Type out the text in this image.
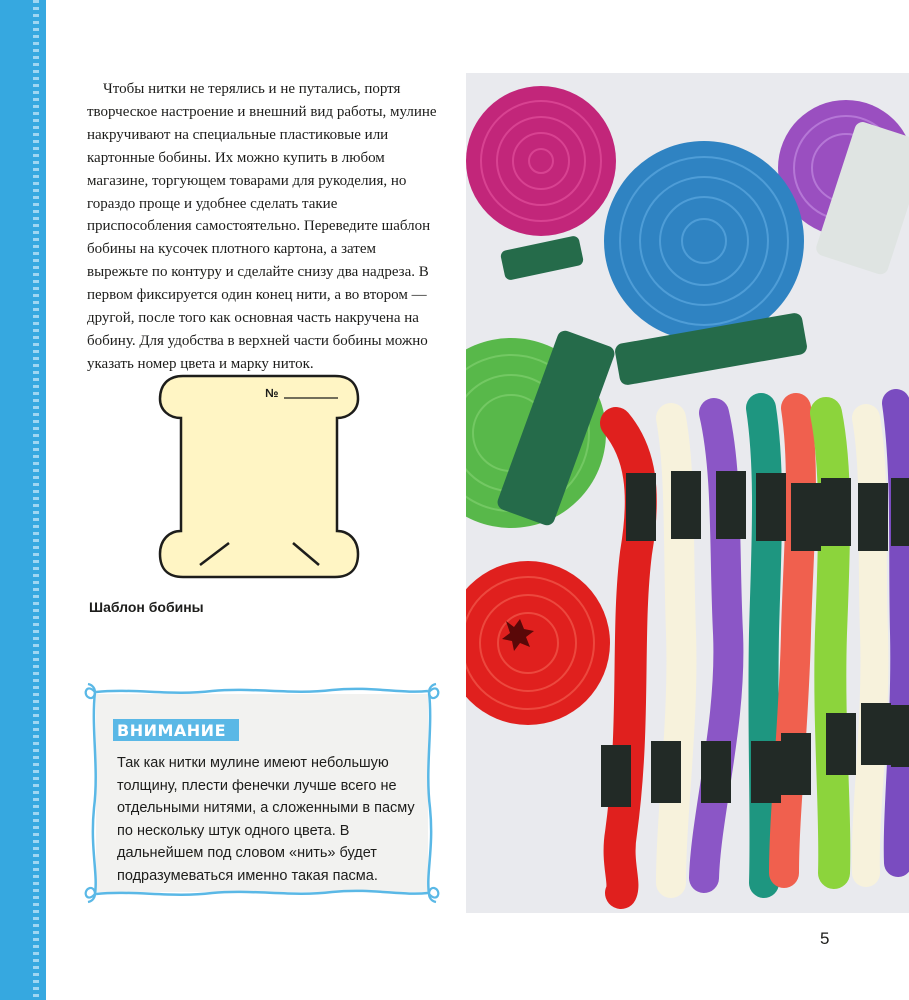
Чтобы нитки не терялись и не путались, портя творческое настроение и внешний вид работы, мулине накручивают на специальные пластиковые или картонные бобины. Их можно купить в любом магазине, торгующем товарами для рукоделия, но гораздо проще и удобнее сделать такие приспособления самостоятельно. Переведите шаблон бобины на кусочек плотного картона, а затем вырежьте по контуру и сделайте снизу два надреза. В первом фиксируется один конец нити, а во втором — другой, после того как основная часть накручена на бобину. Для удобства в верхней части бобины можно указать номер цвета и марку ниток.

№
Шаблон бобины
ВНИМАНИЕ
Так как нитки мулине имеют небольшую толщину, плести фенечки лучше всего не отдельными нитями, а сложенными в пасму по нескольку штук одного цвета. В дальнейшем под словом «нить» будет подразумеваться именно такая пасма.
5
